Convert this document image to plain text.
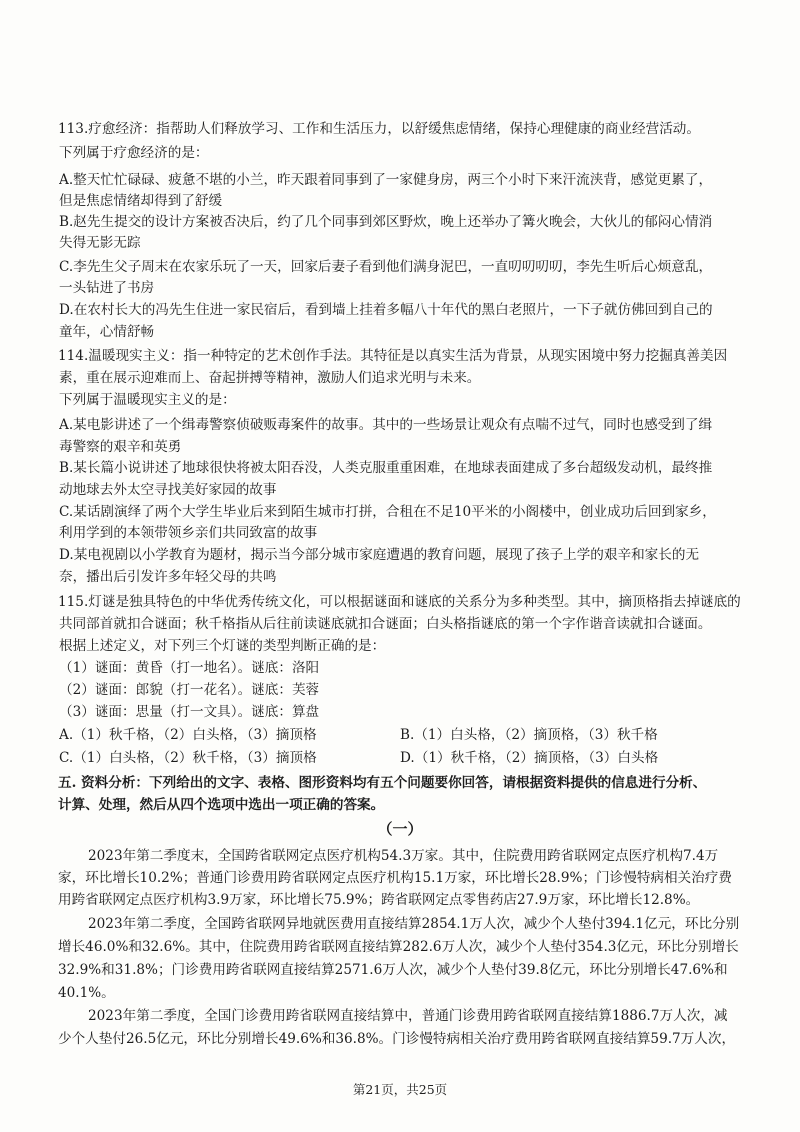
113.疗愈经济：指帮助人们释放学习、工作和生活压力，以舒缓焦虑情绪，保持心理健康的商业经营活动。
下列属于疗愈经济的是：
A.整天忙忙碌碌、疲惫不堪的小兰，昨天跟着同事到了一家健身房，两三个小时下来汗流浃背，感觉更累了，
但是焦虑情绪却得到了舒缓
B.赵先生提交的设计方案被否决后，约了几个同事到郊区野炊，晚上还举办了篝火晚会，大伙儿的郁闷心情消
失得无影无踪
C.李先生父子周末在农家乐玩了一天，回家后妻子看到他们满身泥巴，一直叨叨叨叨，李先生听后心烦意乱，
一头钻进了书房
D.在农村长大的冯先生住进一家民宿后，看到墙上挂着多幅八十年代的黑白老照片，一下子就仿佛回到自己的
童年，心情舒畅
114.温暖现实主义：指一种特定的艺术创作手法。其特征是以真实生活为背景，从现实困境中努力挖掘真善美因
素，重在展示迎难而上、奋起拼搏等精神，激励人们追求光明与未来。
下列属于温暖现实主义的是：
A.某电影讲述了一个缉毒警察侦破贩毒案件的故事。其中的一些场景让观众有点喘不过气，同时也感受到了缉
毒警察的艰辛和英勇
B.某长篇小说讲述了地球很快将被太阳吞没，人类克服重重困难，在地球表面建成了多台超级发动机，最终推
动地球去外太空寻找美好家园的故事
C.某话剧演绎了两个大学生毕业后来到陌生城市打拼，合租在不足10平米的小阁楼中，创业成功后回到家乡，
利用学到的本领带领乡亲们共同致富的故事
D.某电视剧以小学教育为题材，揭示当今部分城市家庭遭遇的教育问题，展现了孩子上学的艰辛和家长的无
奈，播出后引发许多年轻父母的共鸣
115.灯谜是独具特色的中华优秀传统文化，可以根据谜面和谜底的关系分为多种类型。其中，摘顶格指去掉谜底的
共同部首就扣合谜面；秋千格指从后往前读谜底就扣合谜面；白头格指谜底的第一个字作谐音读就扣合谜面。
根据上述定义，对下列三个灯谜的类型判断正确的是：
（1）谜面：黄昏（打一地名）。谜底：洛阳
（2）谜面：郎貌（打一花名）。谜底：芙蓉
（3）谜面：思量（打一文具）。谜底：算盘
A.（1）秋千格，（2）白头格，（3）摘顶格	B.（1）白头格，（2）摘顶格，（3）秋千格
C.（1）白头格，（2）秋千格，（3）摘顶格	D.（1）秋千格，（2）摘顶格，（3）白头格
五. 资料分析：下列给出的文字、表格、图形资料均有五个问题要你回答，请根据资料提供的信息进行分析、
计算、处理，然后从四个选项中选出一项正确的答案。
（一）
2023年第二季度末，全国跨省联网定点医疗机构54.3万家。其中，住院费用跨省联网定点医疗机构7.4万
家，环比增长10.2%；普通门诊费用跨省联网定点医疗机构15.1万家，环比增长28.9%；门诊慢特病相关治疗费
用跨省联网定点医疗机构3.9万家，环比增长75.9%；跨省联网定点零售药店27.9万家，环比增长12.8%。
2023年第二季度，全国跨省联网异地就医费用直接结算2854.1万人次，减少个人垫付394.1亿元，环比分别
增长46.0%和32.6%。其中，住院费用跨省联网直接结算282.6万人次，减少个人垫付354.3亿元，环比分别增长
32.9%和31.8%；门诊费用跨省联网直接结算2571.6万人次，减少个人垫付39.8亿元，环比分别增长47.6%和
40.1%。
2023年第二季度，全国门诊费用跨省联网直接结算中，普通门诊费用跨省联网直接结算1886.7万人次，减
少个人垫付26.5亿元，环比分别增长49.6%和36.8%。门诊慢特病相关治疗费用跨省联网直接结算59.7万人次，
第21页，共25页
